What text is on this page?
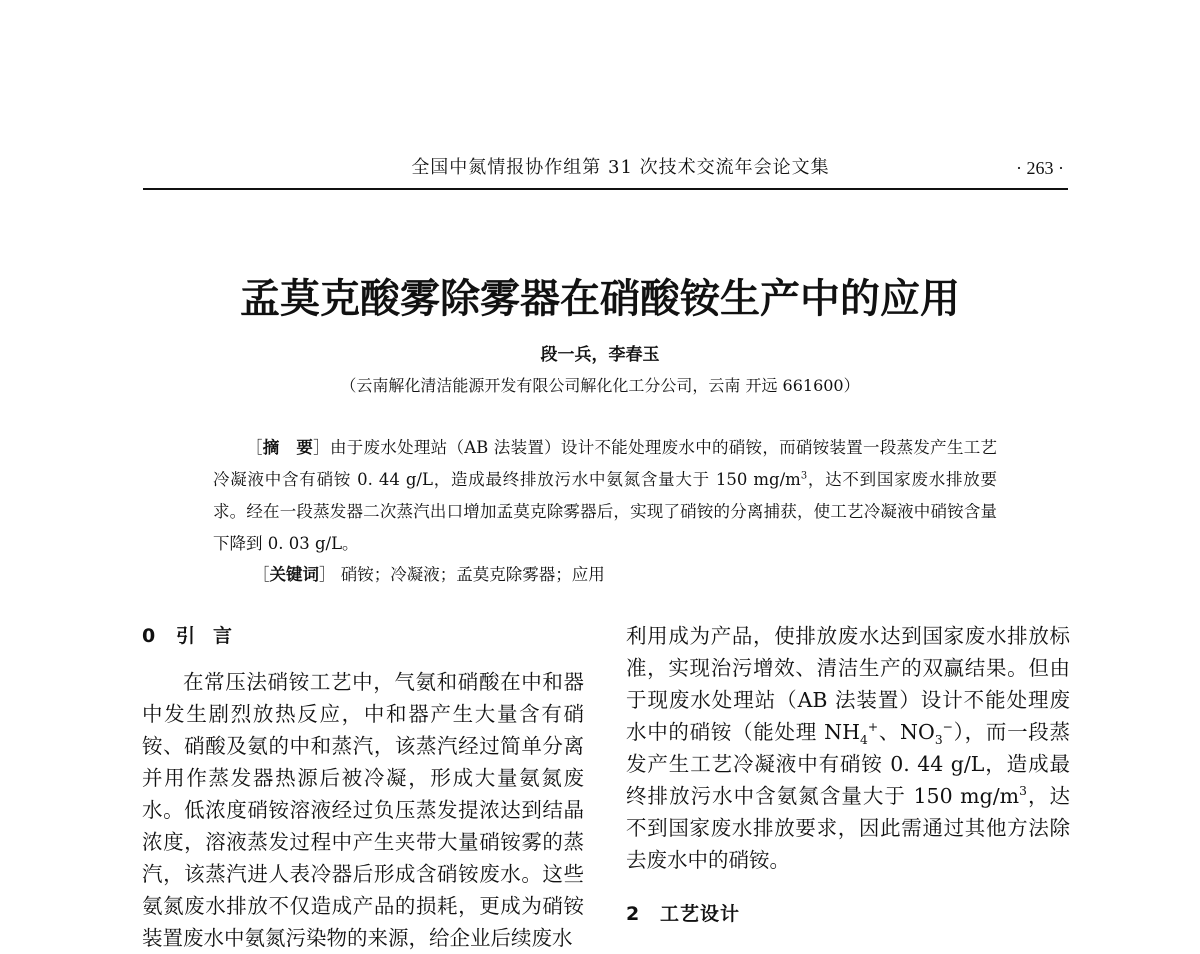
全国中氮情报协作组第 31 次技术交流年会论文集	· 263 ·
孟莫克酸雾除雾器在硝酸铵生产中的应用
段一兵，李春玉
（云南解化清洁能源开发有限公司解化化工分公司，云南 开远 661600）

［摘　要］由于废水处理站（AB 法装置）设计不能处理废水中的硝铵，而硝铵装置一段蒸发产生工艺冷凝液中含有硝铵 0. 44 g/L，造成最终排放污水中氨氮含量大于 150 $mg/m^3$，达不到国家废水排放要求。经在一段蒸发器二次蒸汽出口增加孟莫克除雾器后，实现了硝铵的分离捕获，使工艺冷凝液中硝铵含量下降到 0. 03 g/L。

［关键词］ 硝铵；冷凝液；孟莫克除雾器；应用
0 引言

在常压法硝铵工艺中，气氨和硝酸在中和器中发生剧烈放热反应，中和器产生大量含有硝铵、硝酸及氨的中和蒸汽，该蒸汽经过简单分离并用作蒸发器热源后被冷凝，形成大量氨氮废水。低浓度硝铵溶液经过负压蒸发提浓达到结晶浓度，溶液蒸发过程中产生夹带大量硝铵雾的蒸汽，该蒸汽进人表冷器后形成含硝铵废水。这些氨氮废水排放不仅造成产品的损耗，更成为硝铵装置废水中氨氮污染物的来源，给企业后续废水

利用成为产品，使排放废水达到国家废水排放标准，实现治污增效、清洁生产的双赢结果。但由于现废水处理站（AB 法装置）设计不能处理废水中的硝铵（能处理 $NH_4^+$、$NO_3^-$），而一段蒸发产生工艺冷凝液中有硝铵 0. 44 g/L，造成最终排放污水中含氨氮含量大于 150 $mg/m^3$，达不到国家废水排放要求，因此需通过其他方法除去废水中的硝铵。

2 工艺设计
